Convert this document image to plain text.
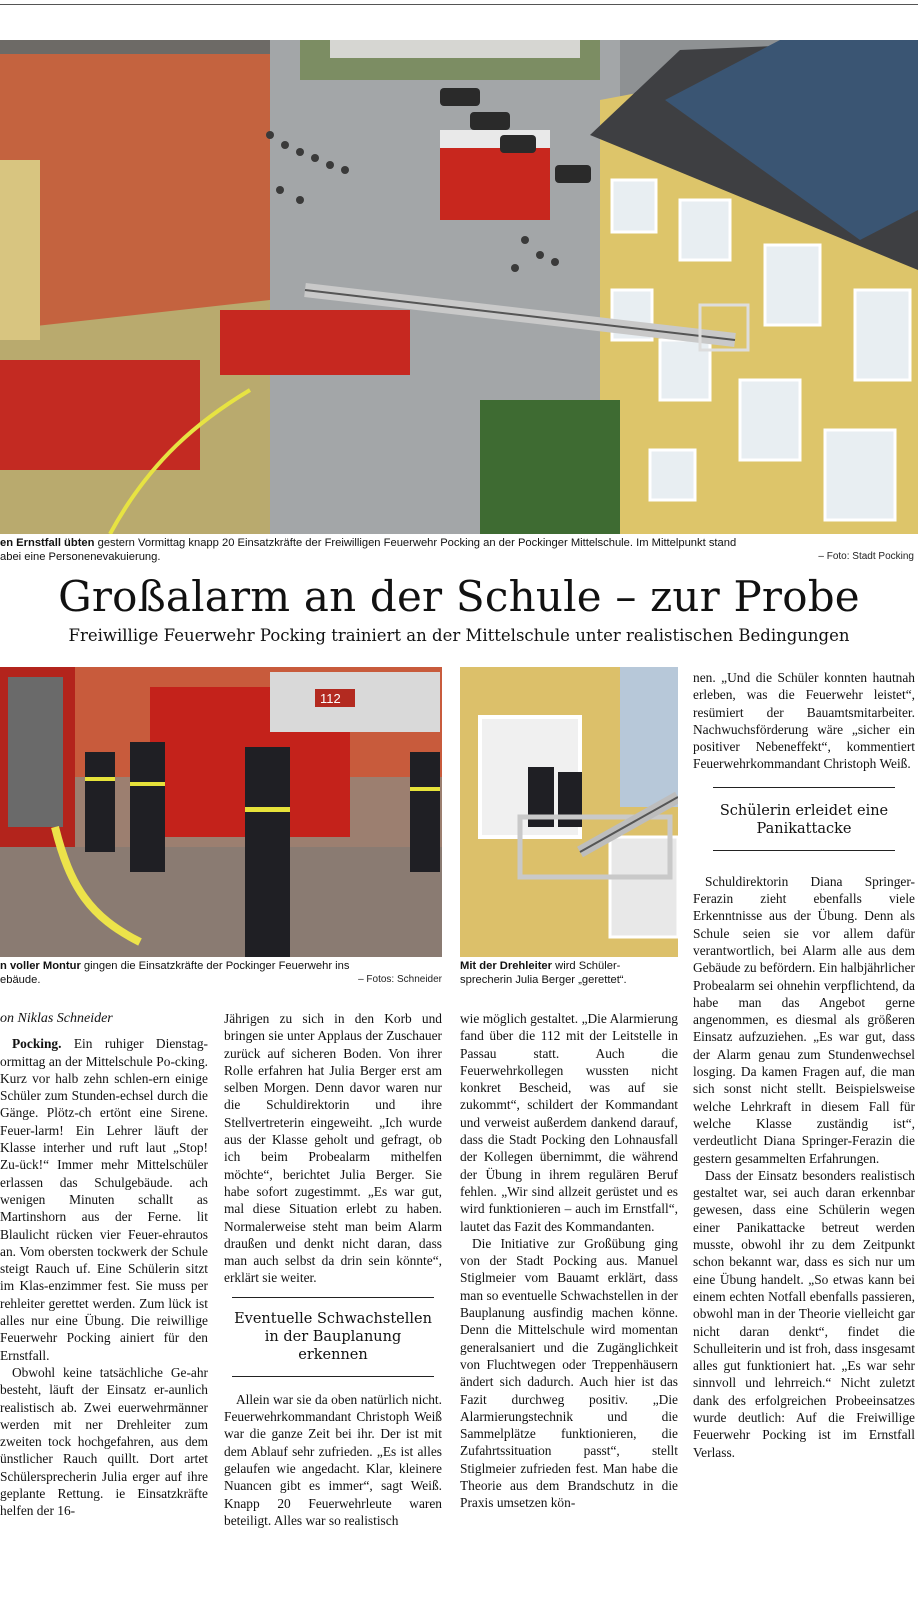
en Ernstfall übten gestern Vormittag knapp 20 Einsatzkräfte der Freiwilligen Feuerwehr Pocking an der Pockinger Mittelschule. Im Mittelpunkt stand
abei eine Personenevakuierung.	– Foto: Stadt Pocking
Großalarm an der Schule – zur Probe
Freiwillige Feuerwehr Pocking trainiert an der Mittelschule unter realistischen Bedingungen
112
n voller Montur gingen die Einsatzkräfte der Pockinger Feuerwehr ins
ebäude.	– Fotos: Schneider
Mit der Drehleiter wird Schüler-
sprecherin Julia Berger „gerettet“.
on Niklas Schneider

Pocking. Ein ruhiger Dienstag-ormittag an der Mittelschule Po-cking. Kurz vor halb zehn schlen-ern einige Schüler zum Stunden-echsel durch die Gänge. Plötz-ch ertönt eine Sirene. Feuer-larm! Ein Lehrer läuft der Klasse interher und ruft laut „Stop! Zu-ück!“ Immer mehr Mittelschüler erlassen das Schulgebäude. ach wenigen Minuten schallt as Martinshorn aus der Ferne. lit Blaulicht rücken vier Feuer-ehrautos an. Vom obersten tockwerk der Schule steigt Rauch uf. Eine Schülerin sitzt im Klas-enzimmer fest. Sie muss per rehleiter gerettet werden. Zum lück ist alles nur eine Übung. Die reiwillige Feuerwehr Pocking ainiert für den Ernstfall.

Obwohl keine tatsächliche Ge-ahr besteht, läuft der Einsatz er-aunlich realistisch ab. Zwei euerwehrmänner werden mit ner Drehleiter zum zweiten tock hochgefahren, aus dem ünstlicher Rauch quillt. Dort artet Schülersprecherin Julia erger auf ihre geplante Rettung. ie Einsatzkräfte helfen der 16-

Jährigen zu sich in den Korb und bringen sie unter Applaus der Zuschauer zurück auf sicheren Boden. Von ihrer Rolle erfahren hat Julia Berger erst am selben Morgen. Denn davor waren nur die Schuldirektorin und ihre Stellvertreterin eingeweiht. „Ich wurde aus der Klasse geholt und gefragt, ob ich beim Probealarm mithelfen möchte“, berichtet Julia Berger. Sie habe sofort zugestimmt. „Es war gut, mal diese Situation erlebt zu haben. Normalerweise steht man beim Alarm draußen und denkt nicht daran, dass man auch selbst da drin sein könnte“, erklärt sie weiter.

Eventuelle Schwachstellen in der Bauplanung erkennen

Allein war sie da oben natürlich nicht. Feuerwehrkommandant Christoph Weiß war die ganze Zeit bei ihr. Der ist mit dem Ablauf sehr zufrieden. „Es ist alles gelaufen wie angedacht. Klar, kleinere Nuancen gibt es immer“, sagt Weiß. Knapp 20 Feuerwehrleute waren beteiligt. Alles war so realistisch

wie möglich gestaltet. „Die Alarmierung fand über die 112 mit der Leitstelle in Passau statt. Auch die Feuerwehrkollegen wussten nicht konkret Bescheid, was auf sie zukommt“, schildert der Kommandant und verweist außerdem dankend darauf, dass die Stadt Pocking den Lohnausfall der Kollegen übernimmt, die während der Übung in ihrem regulären Beruf fehlen. „Wir sind allzeit gerüstet und es wird funktionieren – auch im Ernstfall“, lautet das Fazit des Kommandanten.

Die Initiative zur Großübung ging von der Stadt Pocking aus. Manuel Stiglmeier vom Bauamt erklärt, dass man so eventuelle Schwachstellen in der Bauplanung ausfindig machen könne. Denn die Mittelschule wird momentan generalsaniert und die Zugänglichkeit von Fluchtwegen oder Treppenhäusern ändert sich dadurch. Auch hier ist das Fazit durchweg positiv. „Die Alarmierungstechnik und die Sammelplätze funktionieren, die Zufahrtssituation passt“, stellt Stiglmeier zufrieden fest. Man habe die Theorie aus dem Brandschutz in die Praxis umsetzen kön-

nen. „Und die Schüler konnten hautnah erleben, was die Feuerwehr leistet“, resümiert der Bauamtsmitarbeiter. Nachwuchsförderung wäre „sicher ein positiver Nebeneffekt“, kommentiert Feuerwehrkommandant Christoph Weiß.

Schülerin erleidet eine Panikattacke

Schuldirektorin Diana Springer-Ferazin zieht ebenfalls viele Erkenntnisse aus der Übung. Denn als Schule seien sie vor allem dafür verantwortlich, bei Alarm alle aus dem Gebäude zu befördern. Ein halbjährlicher Probealarm sei ohnehin verpflichtend, da habe man das Angebot gerne angenommen, es diesmal als größeren Einsatz aufzuziehen. „Es war gut, dass der Alarm genau zum Stundenwechsel losging. Da kamen Fragen auf, die man sich sonst nicht stellt. Beispielsweise welche Lehrkraft in diesem Fall für welche Klasse zuständig ist“, verdeutlicht Diana Springer-Ferazin die gestern gesammelten Erfahrungen.

Dass der Einsatz besonders realistisch gestaltet war, sei auch daran erkennbar gewesen, dass eine Schülerin wegen einer Panikattacke betreut werden musste, obwohl ihr zu dem Zeitpunkt schon bekannt war, dass es sich nur um eine Übung handelt. „So etwas kann bei einem echten Notfall ebenfalls passieren, obwohl man in der Theorie vielleicht gar nicht daran denkt“, findet die Schulleiterin und ist froh, dass insgesamt alles gut funktioniert hat. „Es war sehr sinnvoll und lehrreich.“ Nicht zuletzt dank des erfolgreichen Probeeinsatzes wurde deutlich: Auf die Freiwillige Feuerwehr Pocking ist im Ernstfall Verlass.
